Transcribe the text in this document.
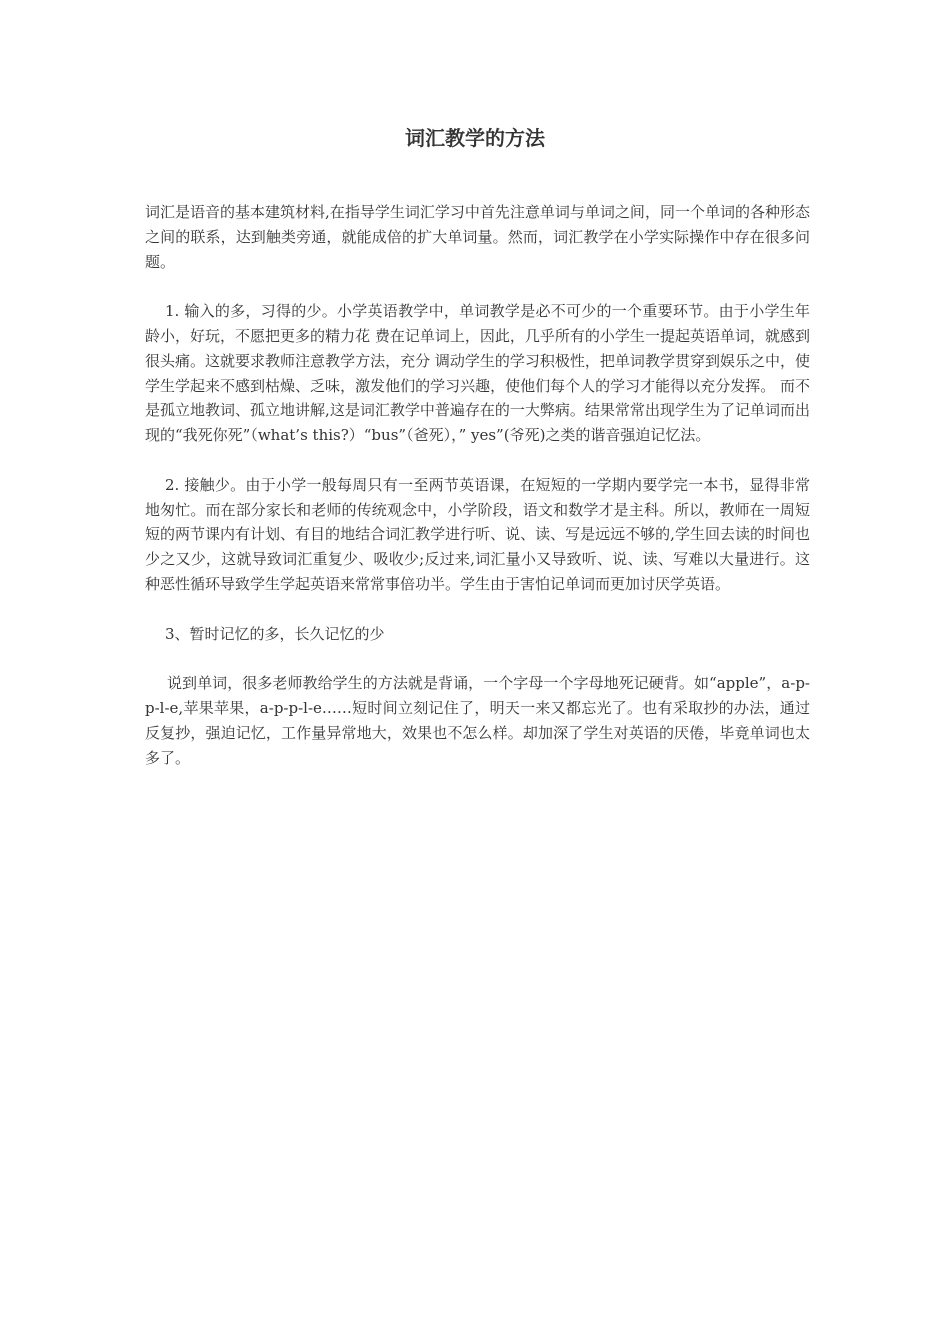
词汇教学的方法

词汇是语音的基本建筑材料,在指导学生词汇学习中首先注意单词与单词之间，同一个单词的各种形态之间的联系，达到触类旁通，就能成倍的扩大单词量。然而，词汇教学在小学实际操作中存在很多问题。

1. 输入的多，习得的少。小学英语教学中，单词教学是必不可少的一个重要环节。由于小学生年龄小，好玩，不愿把更多的精力花 费在记单词上，因此，几乎所有的小学生一提起英语单词，就感到很头痛。这就要求教师注意教学方法，充分 调动学生的学习积极性，把单词教学贯穿到娱乐之中，使学生学起来不感到枯燥、乏味，激发他们的学习兴趣，使他们每个人的学习才能得以充分发挥。 而不是孤立地教词、孤立地讲解,这是词汇教学中普遍存在的一大弊病。结果常常出现学生为了记单词而出现的“我死你死”（what’s this?）“bus”（爸死），” yes”(爷死)之类的谐音强迫记忆法。

2. 接触少。由于小学一般每周只有一至两节英语课，在短短的一学期内要学完一本书，显得非常地匆忙。而在部分家长和老师的传统观念中，小学阶段，语文和数学才是主科。所以，教师在一周短短的两节课内有计划、有目的地结合词汇教学进行听、说、读、写是远远不够的,学生回去读的时间也少之又少，这就导致词汇重复少、吸收少;反过来,词汇量小又导致听、说、读、写难以大量进行。这种恶性循环导致学生学起英语来常常事倍功半。学生由于害怕记单词而更加讨厌学英语。

3、暂时记忆的多，长久记忆的少

说到单词，很多老师教给学生的方法就是背诵，一个字母一个字母地死记硬背。如“apple”，a-p-p-l-e,苹果苹果，a-p-p-l-e……短时间立刻记住了，明天一来又都忘光了。也有采取抄的办法，通过反复抄，强迫记忆，工作量异常地大，效果也不怎么样。却加深了学生对英语的厌倦，毕竟单词也太多了。
